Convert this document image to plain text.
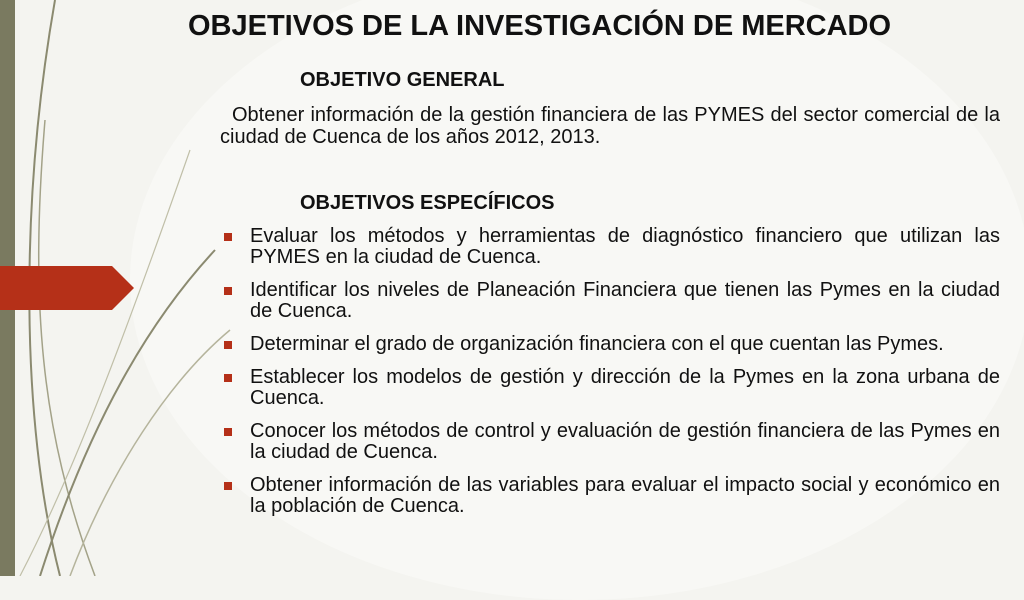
OBJETIVOS DE LA INVESTIGACIÓN DE MERCADO
OBJETIVO GENERAL
Obtener información de la gestión financiera de las PYMES del sector comercial de la ciudad de Cuenca de los años 2012, 2013.
OBJETIVOS ESPECÍFICOS
Evaluar los métodos y herramientas de diagnóstico financiero que utilizan las PYMES en la ciudad de Cuenca.
Identificar los niveles de Planeación Financiera que tienen las Pymes en la ciudad de Cuenca.
Determinar el grado de organización financiera con el que cuentan las Pymes.
Establecer los modelos de gestión y dirección de la Pymes en la zona urbana de Cuenca.
Conocer los métodos de control y evaluación de gestión financiera de las Pymes en la ciudad de Cuenca.
Obtener información de las variables para evaluar el impacto social y económico en la población de Cuenca.
